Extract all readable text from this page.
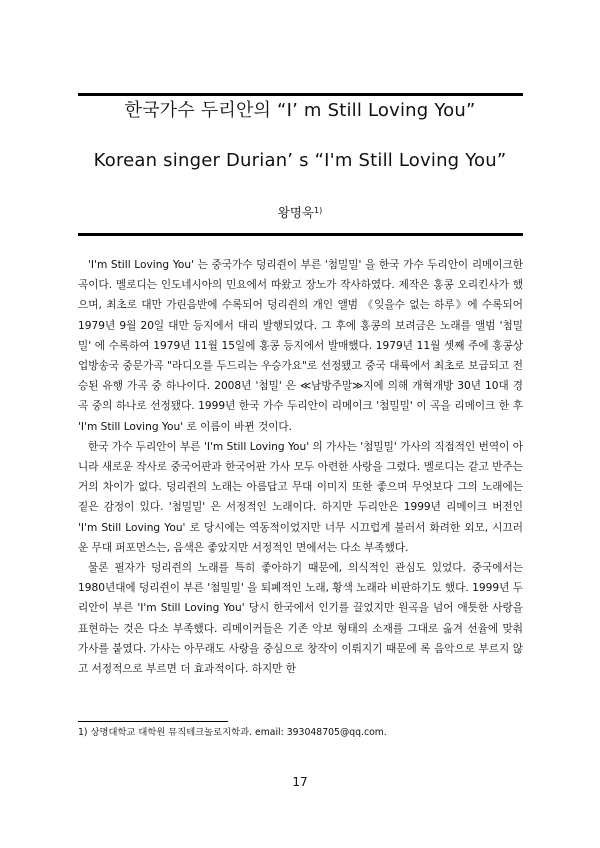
한국가수 두리안의 “I’ m Still Loving You”
Korean singer Durian’ s “I'm Still Loving You”
왕명욱$^{1)}$

'I'm Still Loving You' 는 중국가수 덩리쥔이 부른 '첨밀밀' 을 한국 가수 두리안이 리메이크한 곡이다. 멜로디는 인도네시아의 민요에서 따왔고 장노가 작사하였다. 제작은 홍콩 오리킨사가 했으며, 최초로 대만 가린음반에 수록되어 덩리쥔의 개인 앨범 《잊을수 없는 하루》에 수록되어 1979년 9월 20일 대만 등지에서 대리 발행되었다. 그 후에 홍콩의 보려금은 노래를 앨범 '첨밀밀' 에 수록하여 1979년 11월 15일에 홍콩 등지에서 발매했다. 1979년 11월 셋째 주에 홍콩상업방송국 중문가곡 "라디오를 두드리는 우승가요"로 선정됐고 중국 대륙에서 최초로 보급되고 전승된 유행 가곡 중 하나이다. 2008년 '첨밀' 은 ≪남방주말≫지에 의해 개혁개방 30년 10대 경곡 중의 하나로 선정됐다. 1999년 한국 가수 두리안이 리메이크 '첨밀밀' 이 곡을 리메이크 한 후 'I'm Still Loving You' 로 이름이 바뀐 것이다.

한국 가수 두리안이 부른 'I'm Still Loving You' 의 가사는 '첨밀밀' 가사의 직접적인 번역이 아니라 새로운 작사로 중국어판과 한국어판 가사 모두 아련한 사랑을 그렸다. 멜로디는 같고 반주는 거의 차이가 없다. 덩리쥔의 노래는 아름답고 무대 이미지 또한 좋으며 무엇보다 그의 노래에는 짙은 감정이 있다. '첨밀밀' 은 서정적인 노래이다. 하지만 두리안은 1999년 리메이크 버전인 'I'm Still Loving You' 로 당시에는 역동적이었지만 너무 시끄럽게 불러서 화려한 외모, 시끄러운 무대 퍼포먼스는, 음색은 좋았지만 서정적인 면에서는 다소 부족했다.

물론 필자가 덩리쥔의 노래를 특히 좋아하기 때문에, 의식적인 관심도 있었다. 중국에서는 1980년대에 덩리쥔이 부른 '첨밀밀' 을 퇴폐적인 노래, 황색 노래라 비판하기도 했다. 1999년 두리안이 부른 'I'm Still Loving You' 당시 한국에서 인기를 끌었지만 원곡을 넘어 애틋한 사랑을 표현하는 것은 다소 부족했다. 리메이커들은 기존 악보 형태의 소재를 그대로 옮겨 선율에 맞춰 가사를 붙였다. 가사는 아무래도 사랑을 중심으로 창작이 이뤄지기 때문에 록 음악으로 부르지 않고 서정적으로 부르면 더 효과적이다. 하지만 한

1) 상명대학교 대학원 뮤직테크놀로지학과. email: 393048705@qq.com.
17
